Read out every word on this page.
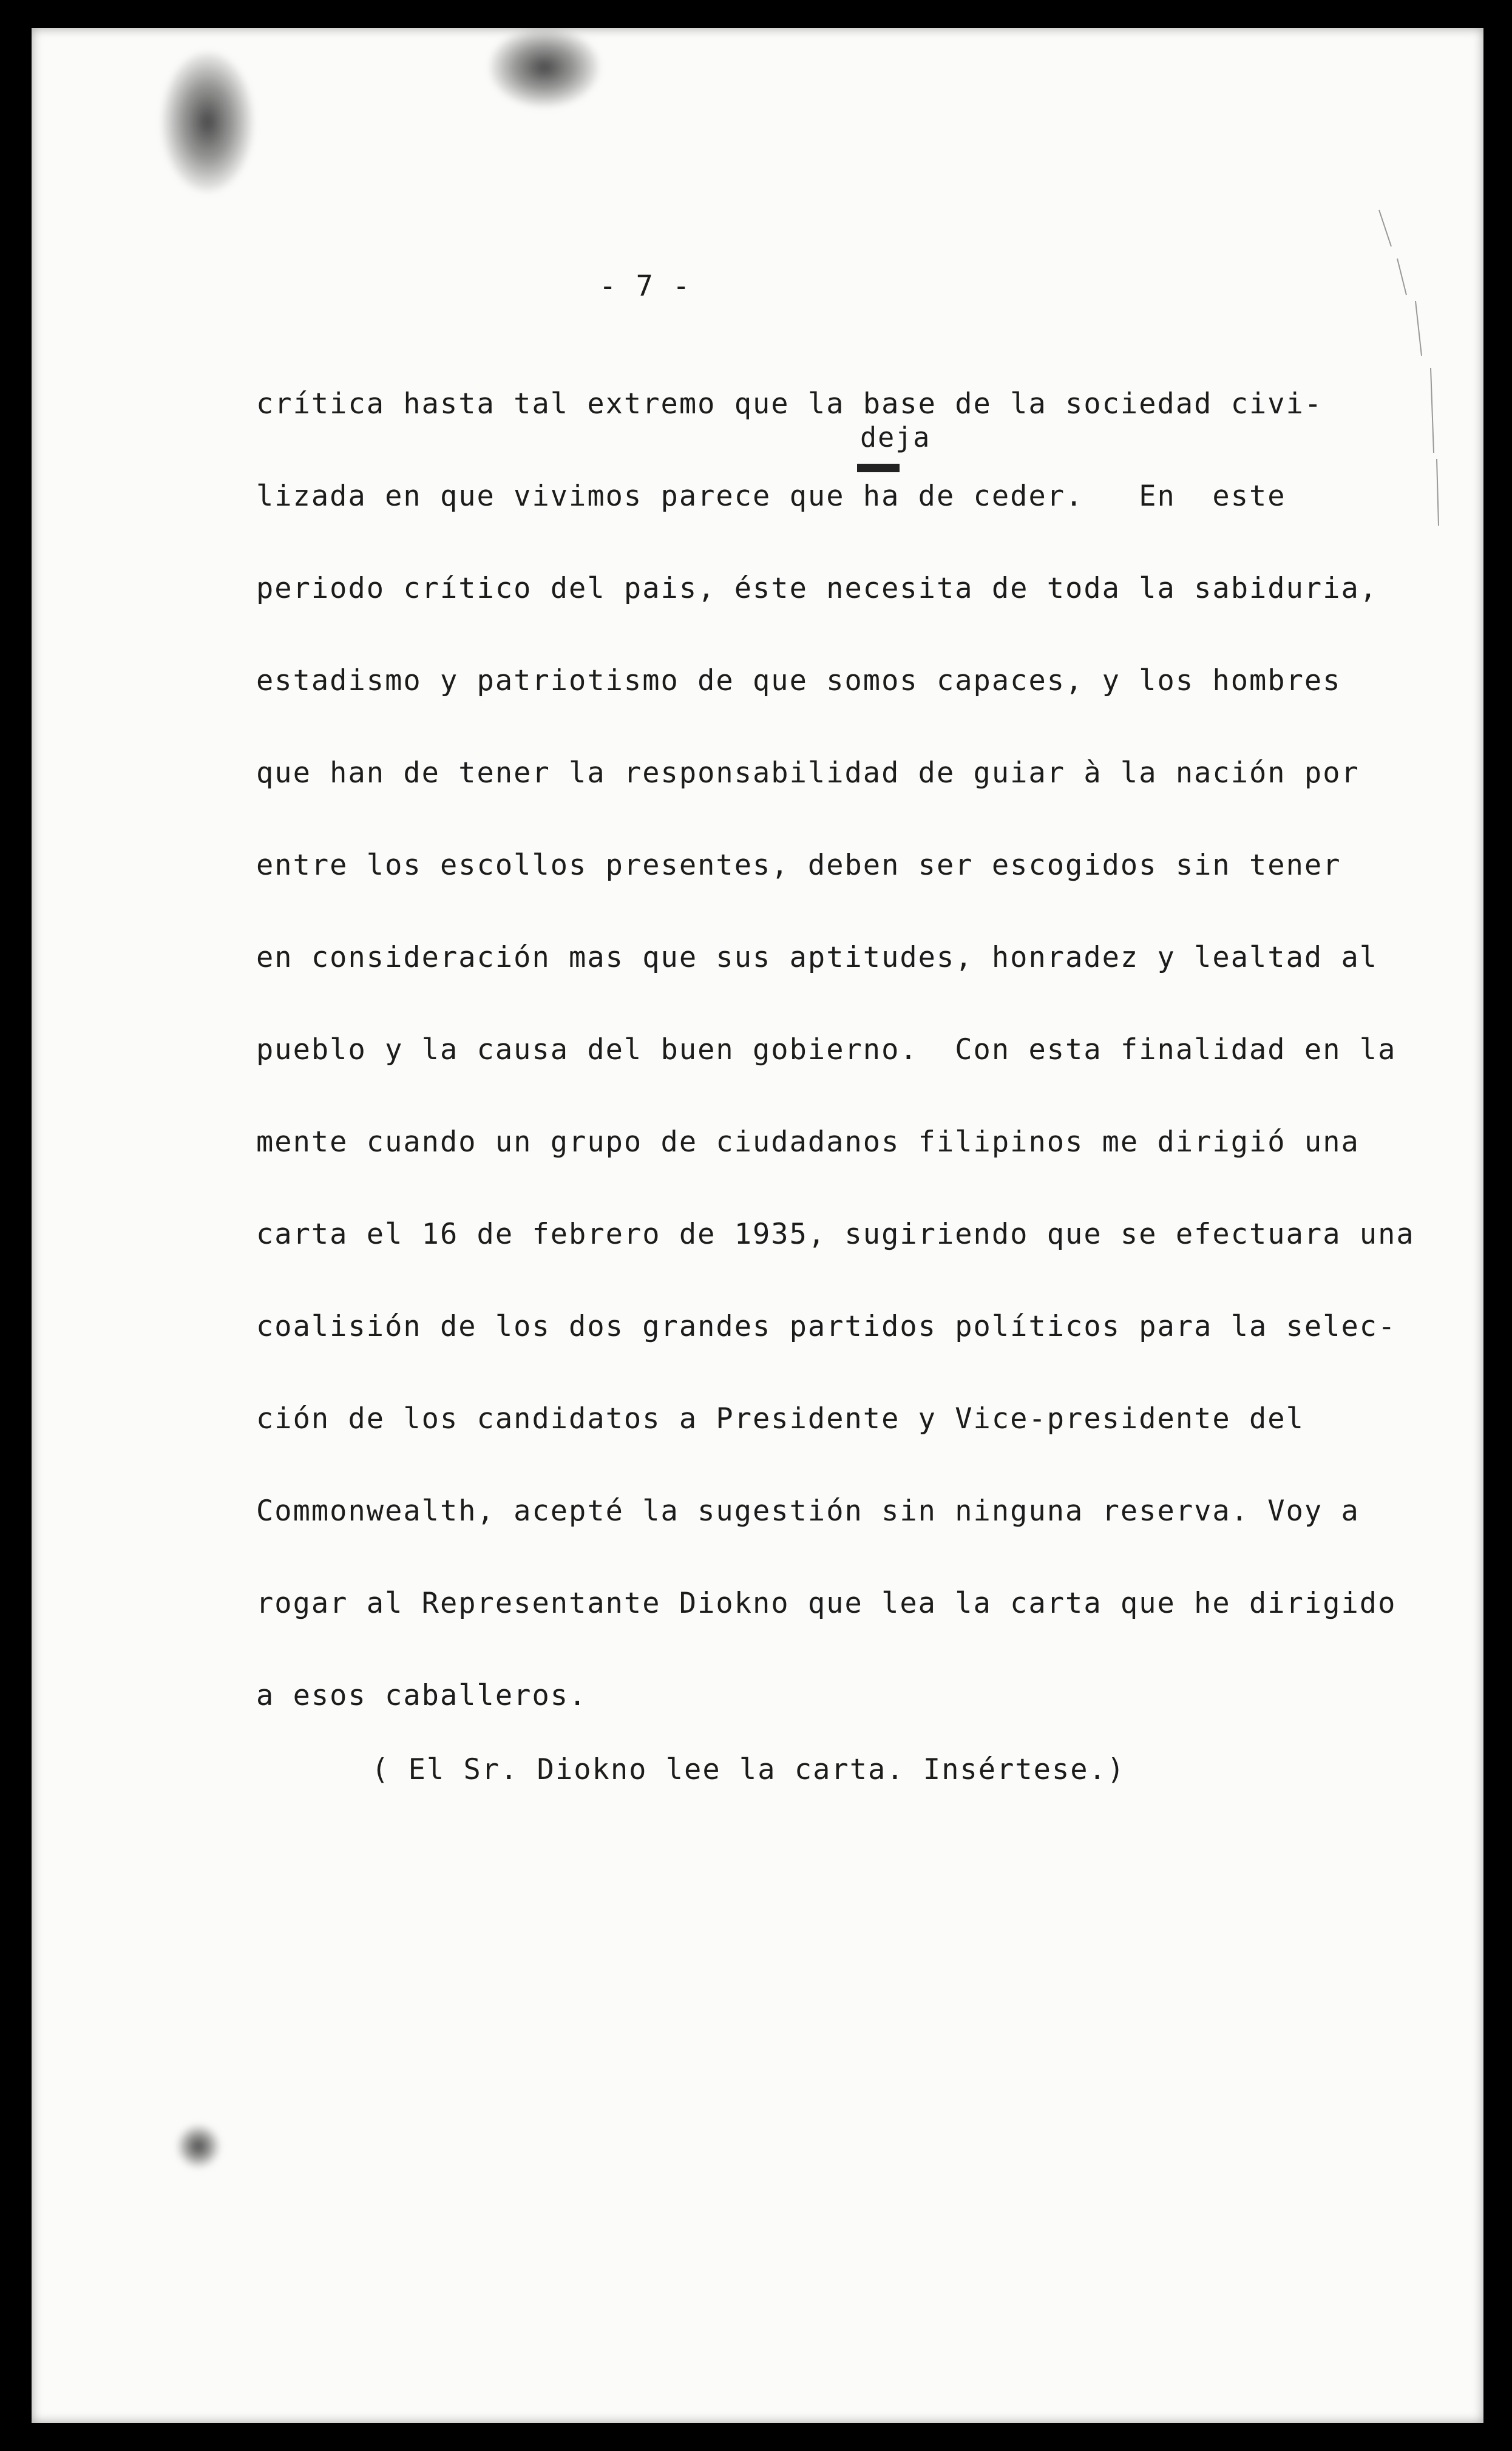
- 7 -
deja
crítica hasta tal extremo que la base de la sociedad civi-
lizada en que vivimos parece que ha de ceder.   En  este
periodo crítico del pais, éste necesita de toda la sabiduria,
estadismo y patriotismo de que somos capaces, y los hombres
que han de tener la responsabilidad de guiar à la nación por
entre los escollos presentes, deben ser escogidos sin tener
en consideración mas que sus aptitudes, honradez y lealtad al
pueblo y la causa del buen gobierno.  Con esta finalidad en la
mente cuando un grupo de ciudadanos filipinos me dirigió una
carta el 16 de febrero de 1935, sugiriendo que se efectuara una
coalisión de los dos grandes partidos políticos para la selec-
ción de los candidatos a Presidente y Vice-presidente del
Commonwealth, acepté la sugestión sin ninguna reserva. Voy a
rogar al Representante Diokno que lea la carta que he dirigido
a esos caballeros.
( El Sr. Diokno lee la carta. Insértese.)
